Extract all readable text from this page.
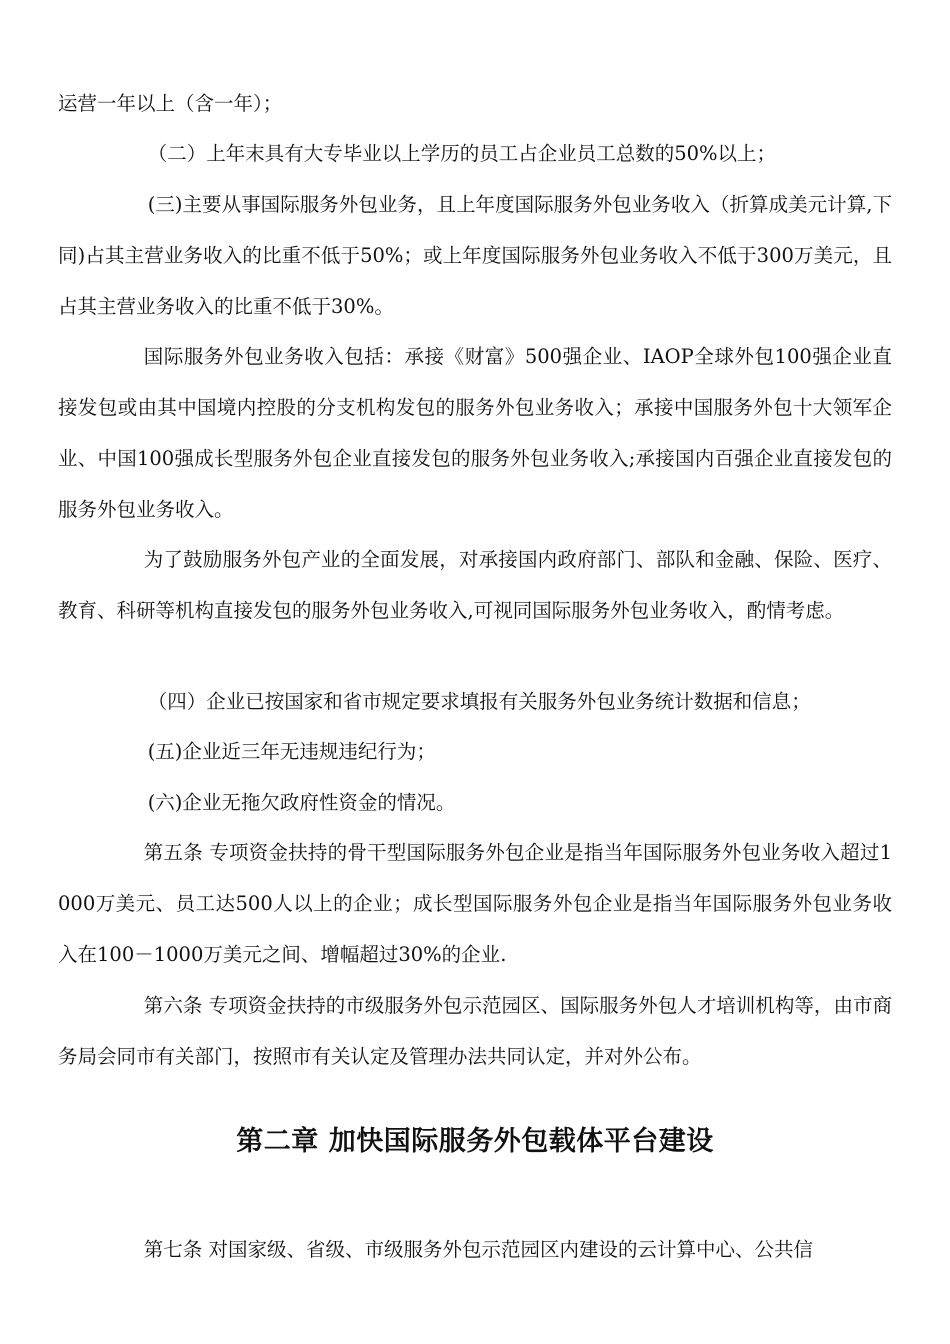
运营一年以上（含一年）；

（二）上年末具有大专毕业以上学历的员工占企业员工总数的50%以上；

(三)主要从事国际服务外包业务，且上年度国际服务外包业务收入（折算成美元计算,下同)占其主营业务收入的比重不低于50%；或上年度国际服务外包业务收入不低于300万美元，且占其主营业务收入的比重不低于30%。

国际服务外包业务收入包括：承接《财富》500强企业、IAOP全球外包100强企业直接发包或由其中国境内控股的分支机构发包的服务外包业务收入；承接中国服务外包十大领军企业、中国100强成长型服务外包企业直接发包的服务外包业务收入;承接国内百强企业直接发包的服务外包业务收入。

为了鼓励服务外包产业的全面发展，对承接国内政府部门、部队和金融、保险、医疗、教育、科研等机构直接发包的服务外包业务收入,可视同国际服务外包业务收入，酌情考虑。

（四）企业已按国家和省市规定要求填报有关服务外包业务统计数据和信息；

(五)企业近三年无违规违纪行为；

(六)企业无拖欠政府性资金的情况。

第五条 专项资金扶持的骨干型国际服务外包企业是指当年国际服务外包业务收入超过1000万美元、员工达500人以上的企业；成长型国际服务外包企业是指当年国际服务外包业务收入在100－1000万美元之间、增幅超过30%的企业.

第六条 专项资金扶持的市级服务外包示范园区、国际服务外包人才培训机构等，由市商务局会同市有关部门，按照市有关认定及管理办法共同认定，并对外公布。

第二章 加快国际服务外包载体平台建设

第七条 对国家级、省级、市级服务外包示范园区内建设的云计算中心、公共信
